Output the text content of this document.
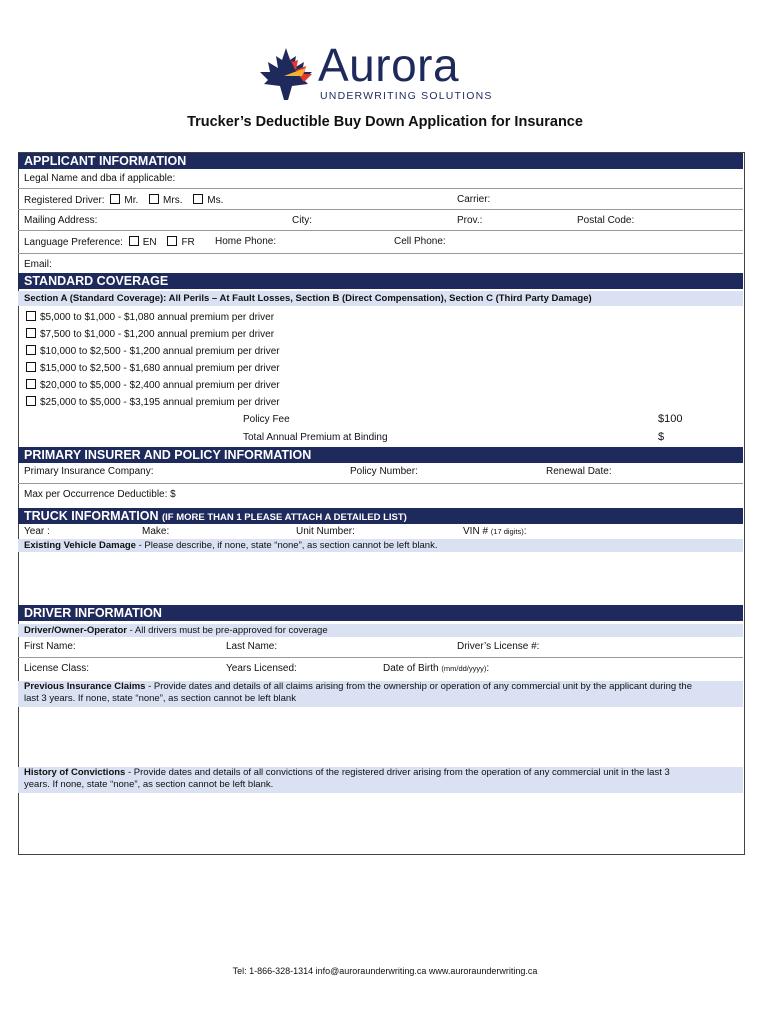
Aurora
UNDERWRITING SOLUTIONS
Trucker’s Deductible Buy Down Application for Insurance
APPLICANT INFORMATION
Legal Name and dba if applicable:
Registered Driver: Mr. Mrs. Ms.	Carrier:
Mailing Address:	City:	Prov.:	Postal Code:
Language Preference: EN FR Home Phone:	Cell Phone:
Email:
STANDARD COVERAGE
Section A (Standard Coverage): All Perils – At Fault Losses, Section B (Direct Compensation), Section C (Third Party Damage)
$5,000 to $1,000 - $1,080 annual premium per driver
$7,500 to $1,000 - $1,200 annual premium per driver
$10,000 to $2,500 - $1,200 annual premium per driver
$15,000 to $2,500 - $1,680 annual premium per driver
$20,000 to $5,000 - $2,400 annual premium per driver
$25,000 to $5,000 - $3,195 annual premium per driver
Policy Fee	$100
Total Annual Premium at Binding	$
PRIMARY INSURER AND POLICY INFORMATION
Primary Insurance Company:	Policy Number:	Renewal Date:
Max per Occurrence Deductible: $
TRUCK INFORMATION (IF MORE THAN 1 PLEASE ATTACH A DETAILED LIST)
Year :	Make:	Unit Number:	VIN # (17 digits):
Existing Vehicle Damage - Please describe, if none, state “none”, as section cannot be left blank.
DRIVER INFORMATION
Driver/Owner-Operator - All drivers must be pre-approved for coverage
First Name:	Last Name:	Driver’s License #:
License Class:	Years Licensed:	Date of Birth (mm/dd/yyyy):
Previous Insurance Claims - Provide dates and details of all claims arising from the ownership or operation of any commercial unit by the applicant during the
last 3 years. If none, state “none”, as section cannot be left blank
History of Convictions - Provide dates and details of all convictions of the registered driver arising from the operation of any commercial unit in the last 3
years. If none, state “none”, as section cannot be left blank.
Tel: 1-866-328-1314 info@auroraunderwriting.ca www.auroraunderwriting.ca
